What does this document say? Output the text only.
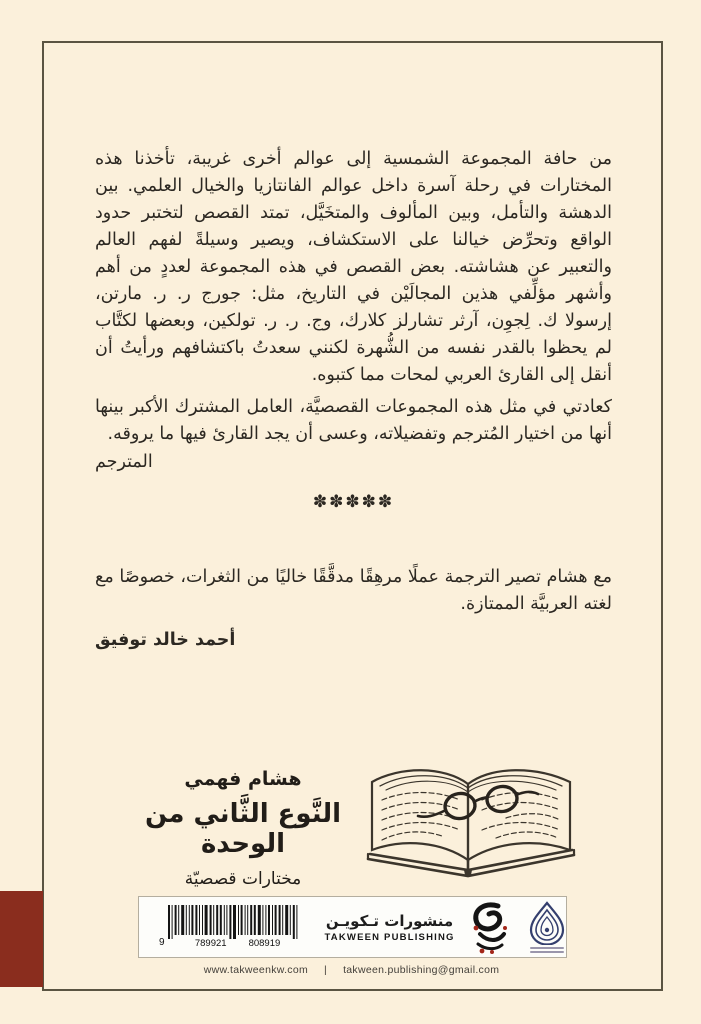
من حافة المجموعة الشمسية إلى عوالم أخرى غريبة، تأخذنا هذه المختارات في رحلة آسرة داخل عوالم الفانتازيا والخيال العلمي. بين الدهشة والتأمل، وبين المألوف والمتخَيَّل، تمتد القصص لتختبر حدود الواقع وتحرِّض خيالنا على الاستكشاف، ويصير وسيلةً لفهم العالم والتعبير عن هشاشته. بعض القصص في هذه المجموعة لعددٍ من أهم وأشهر مؤلِّفي هذين المجالَيْن في التاريخ، مثل: جورج ر. ر. مارتن، إرسولا ك. لِجوِن، آرثر تشارلز كلارك، وج. ر. ر. تولكين، وبعضها لكتَّاب لم يحظوا بالقدر نفسه من الشُّهرة لكنني سعدتُ باكتشافهم ورأيتُ أن أنقل إلى القارئ العربي لمحات مما كتبوه.

كعادتي في مثل هذه المجموعات القصصيَّة، العامل المشترك الأكبر بينها أنها من اختيار المُترجم وتفضيلاته، وعسى أن يجد القارئ فيها ما يروقه.

المترجم
✽✽✽✽✽

مع هشام تصير الترجمة عملًا مرهِقًا مدقَّقًا خاليًا من الثغرات، خصوصًا مع لغته العربيَّة الممتازة.

أحمد خالد توفيق
هشام فهمي
النَّوع الثَّاني من الوحدة
مختارات قصصيّة
9	789921 808919
منشورات تـكويـن
TAKWEEN PUBLISHING
www.takweenkw.com | takween.publishing@gmail.com
